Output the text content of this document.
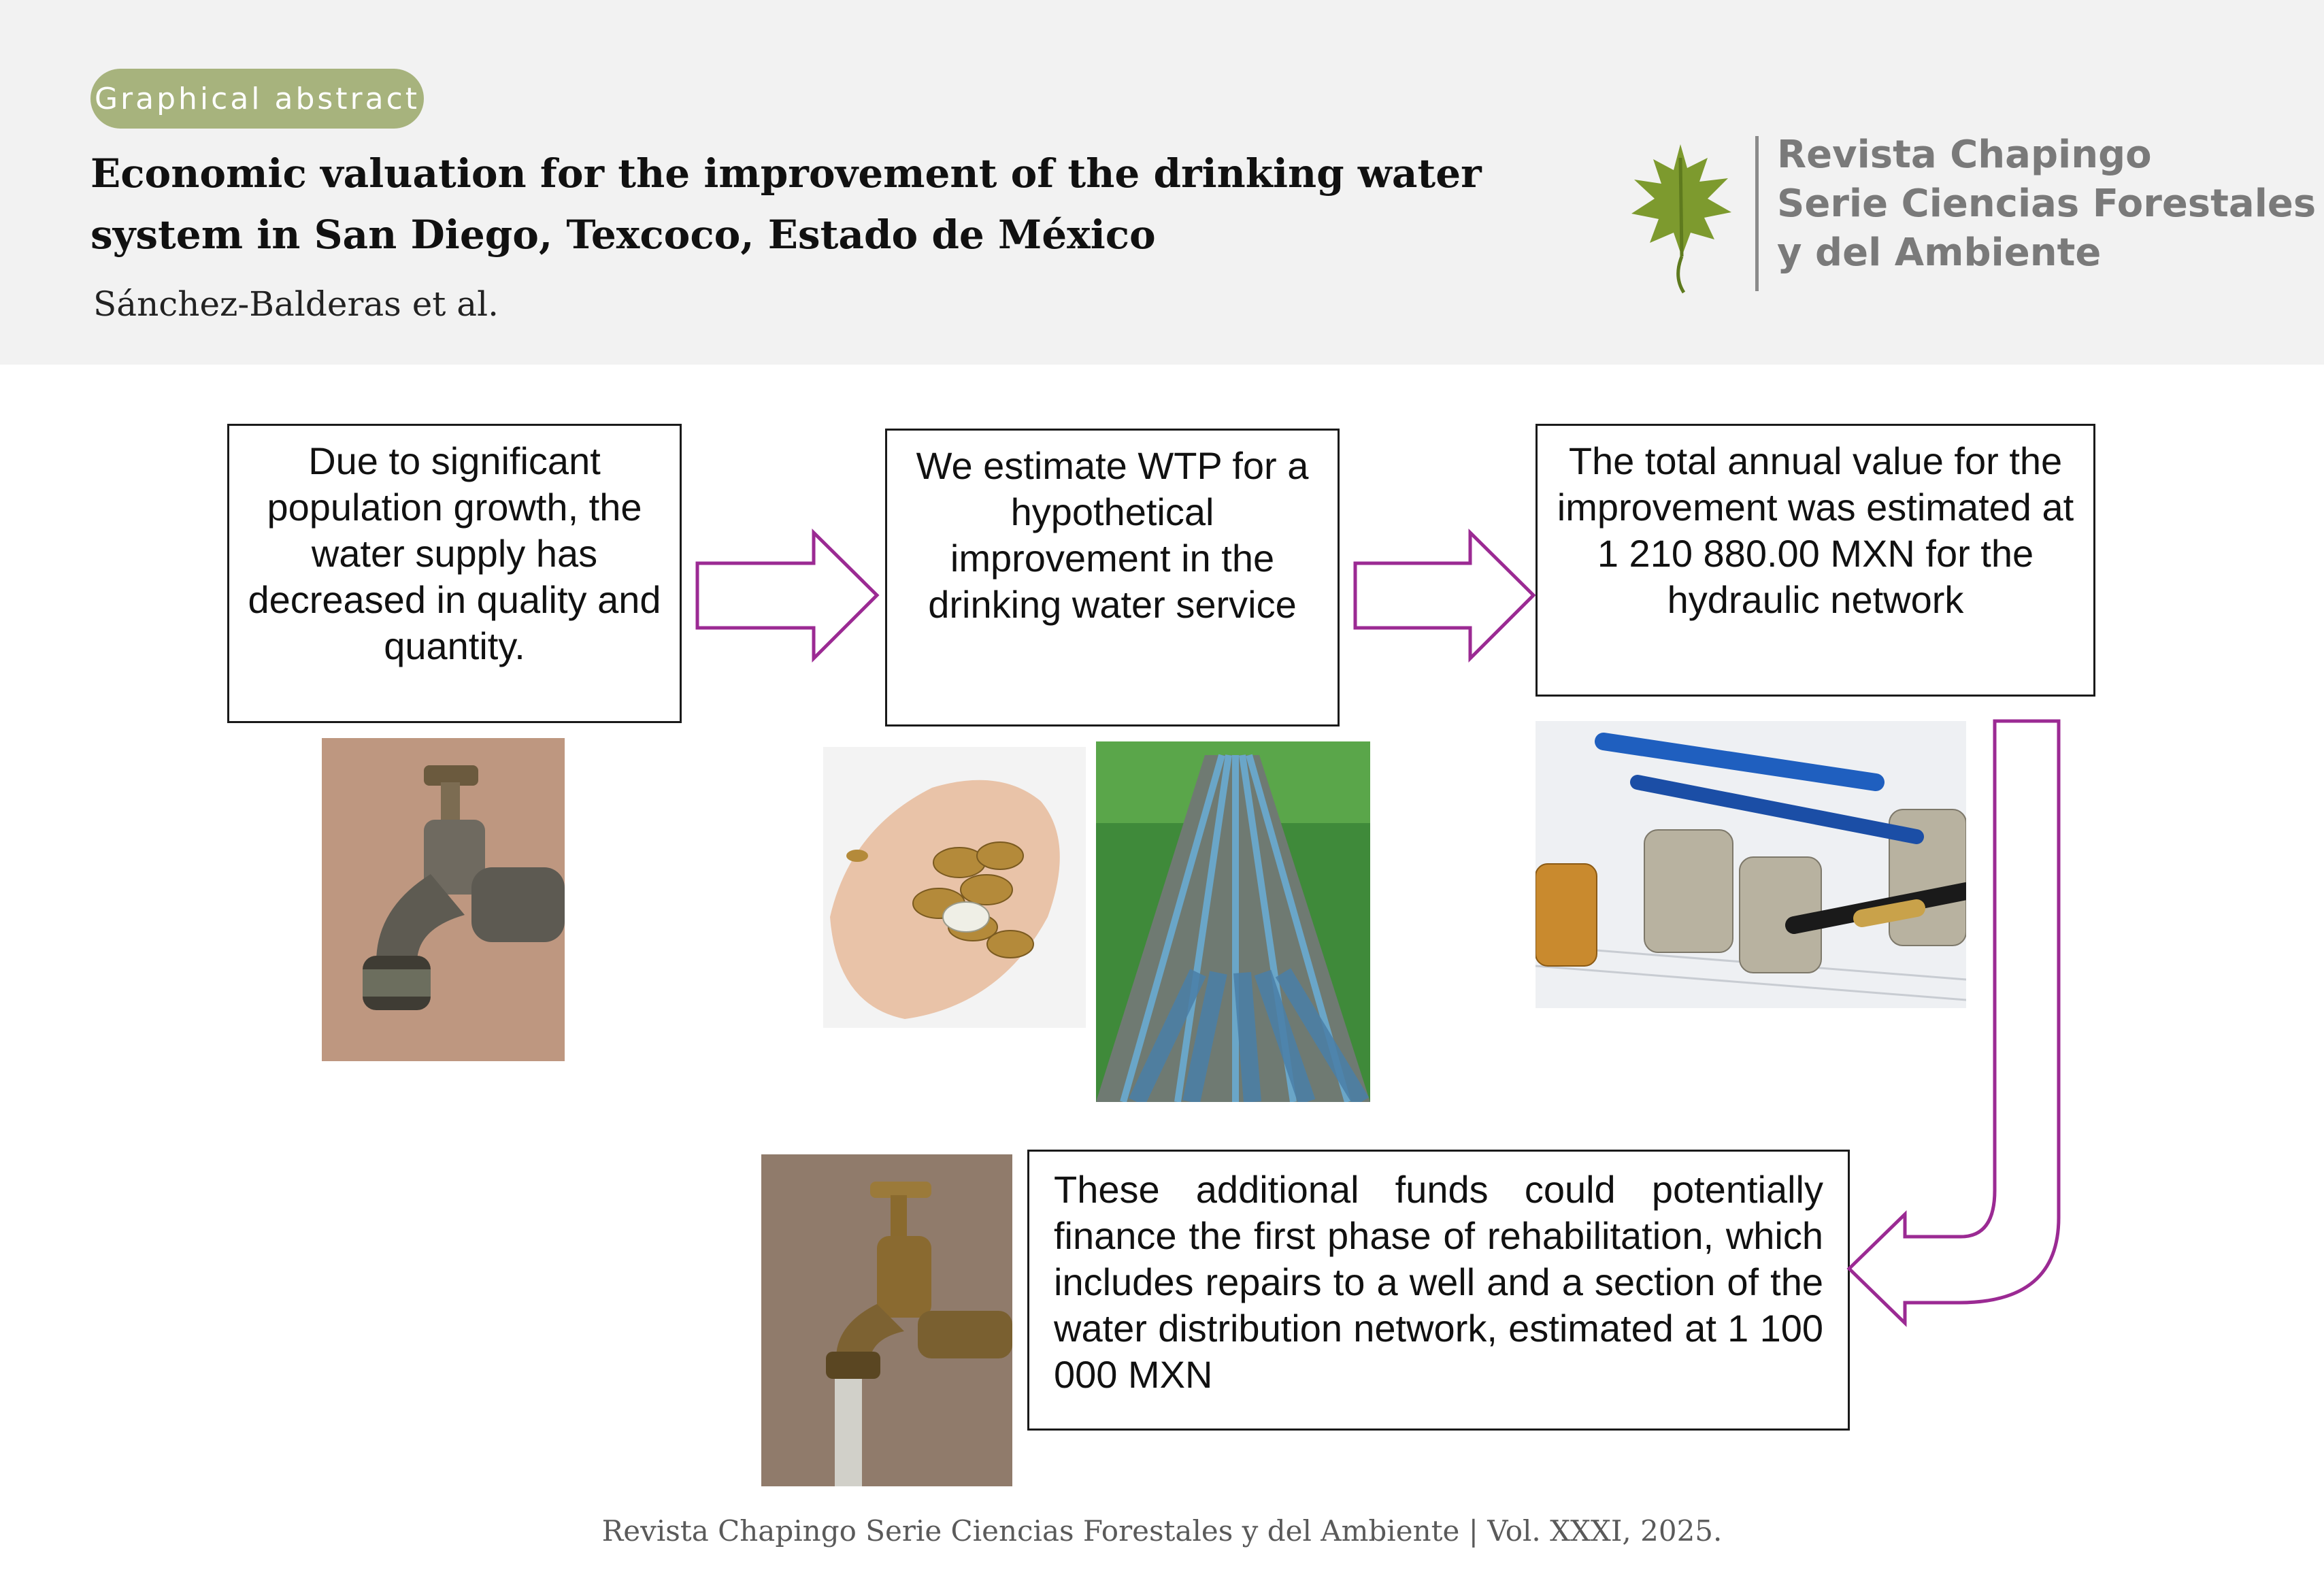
Graphical abstract
Economic valuation for the improvement of the drinking water system in San Diego, Texcoco, Estado de México
Sánchez-Balderas et al.
Revista Chapingo
Serie Ciencias Forestales
y del Ambiente
Due to significant population growth, the water supply has decreased in quality and quantity.
We estimate WTP for a hypothetical improvement in the drinking water service
The total annual value for the improvement was estimated at 1 210 880.00 MXN for the hydraulic network
These additional funds could potentially finance the first phase of rehabilitation, which includes repairs to a well and a section of the water distribution network, estimated at 1 100 000 MXN
Revista Chapingo Serie Ciencias Forestales y del Ambiente | Vol. XXXI, 2025.
